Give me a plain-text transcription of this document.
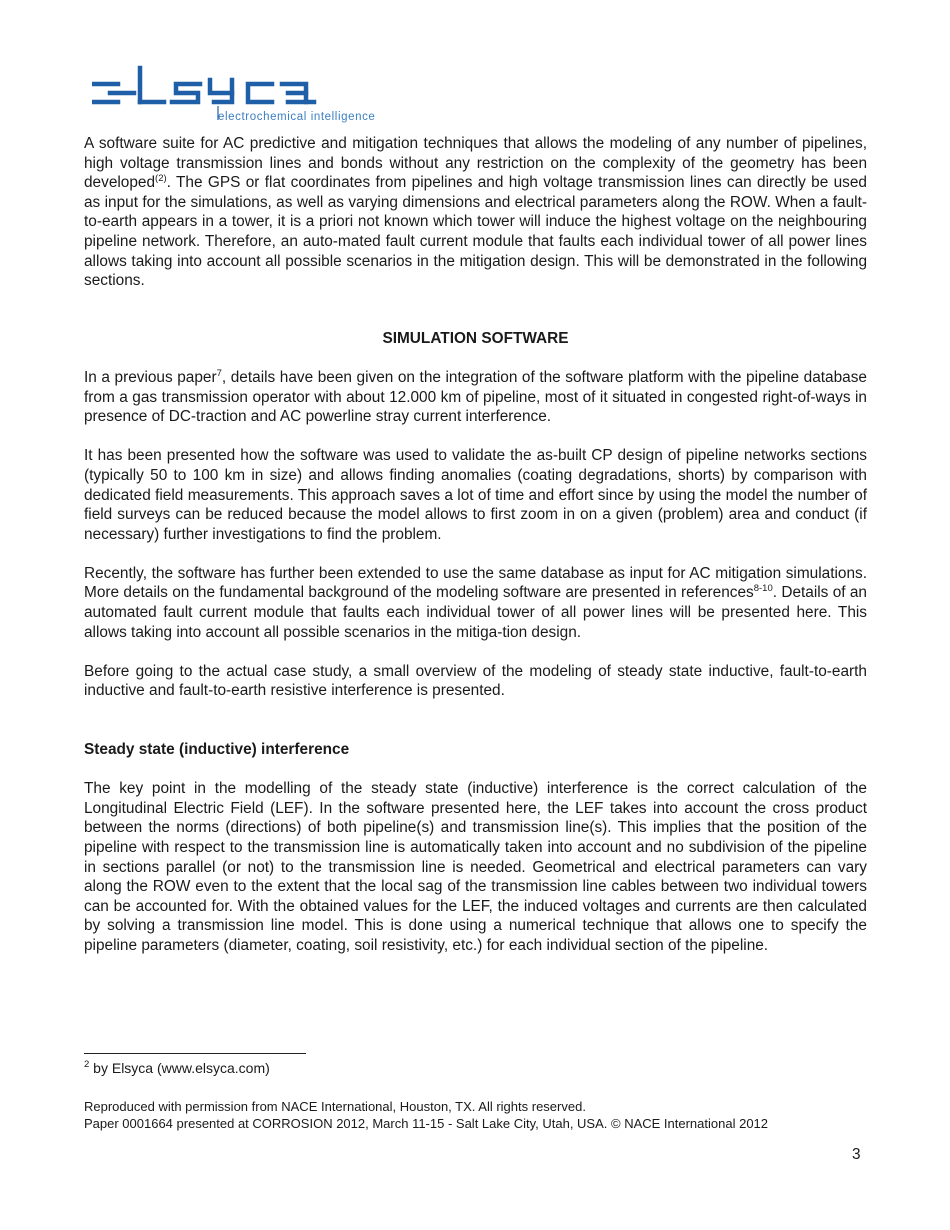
electrochemical intelligence

A software suite for AC predictive and mitigation techniques that allows the modeling of any number of pipelines, high voltage transmission lines and bonds without any restriction on the complexity of the geometry has been developed$^{(2)}$. The GPS or flat coordinates from pipelines and high voltage transmission lines can directly be used as input for the simulations, as well as varying dimensions and electrical parameters along the ROW. When a fault-to-earth appears in a tower, it is a priori not known which tower will induce the highest voltage on the neighbouring pipeline network. Therefore, an auto-mated fault current module that faults each individual tower of all power lines allows taking into account all possible scenarios in the mitigation design. This will be demonstrated in the following sections.

SIMULATION SOFTWARE

In a previous paper$^7$, details have been given on the integration of the software platform with the pipeline database from a gas transmission operator with about 12.000 km of pipeline, most of it situated in congested right-of-ways in presence of DC-traction and AC powerline stray current interference.

It has been presented how the software was used to validate the as-built CP design of pipeline networks sections (typically 50 to 100 km in size) and allows finding anomalies (coating degradations, shorts) by comparison with dedicated field measurements. This approach saves a lot of time and effort since by using the model the number of field surveys can be reduced because the model allows to first zoom in on a given (problem) area and conduct (if necessary) further investigations to find the problem.

Recently, the software has further been extended to use the same database as input for AC mitigation simulations. More details on the fundamental background of the modeling software are presented in references$^{8-10}$. Details of an automated fault current module that faults each individual tower of all power lines will be presented here. This allows taking into account all possible scenarios in the mitiga-tion design.

Before going to the actual case study, a small overview of the modeling of steady state inductive, fault-to-earth inductive and fault-to-earth resistive interference is presented.

Steady state (inductive) interference

The key point in the modelling of the steady state (inductive) interference is the correct calculation of the Longitudinal Electric Field (LEF). In the software presented here, the LEF takes into account the cross product between the norms (directions) of both pipeline(s) and transmission line(s). This implies that the position of the pipeline with respect to the transmission line is automatically taken into account and no subdivision of the pipeline in sections parallel (or not) to the transmission line is needed. Geometrical and electrical parameters can vary along the ROW even to the extent that the local sag of the transmission line cables between two individual towers can be accounted for. With the obtained values for the LEF, the induced voltages and currents are then calculated by solving a transmission line model. This is done using a numerical technique that allows one to specify the pipeline parameters (diameter, coating, soil resistivity, etc.) for each individual section of the pipeline.

$^2$ by Elsyca (www.elsyca.com)
Reproduced with permission from NACE International, Houston, TX. All rights reserved.
Paper 0001664 presented at CORROSION 2012, March 11-15 - Salt Lake City, Utah, USA. © NACE International 2012
3
